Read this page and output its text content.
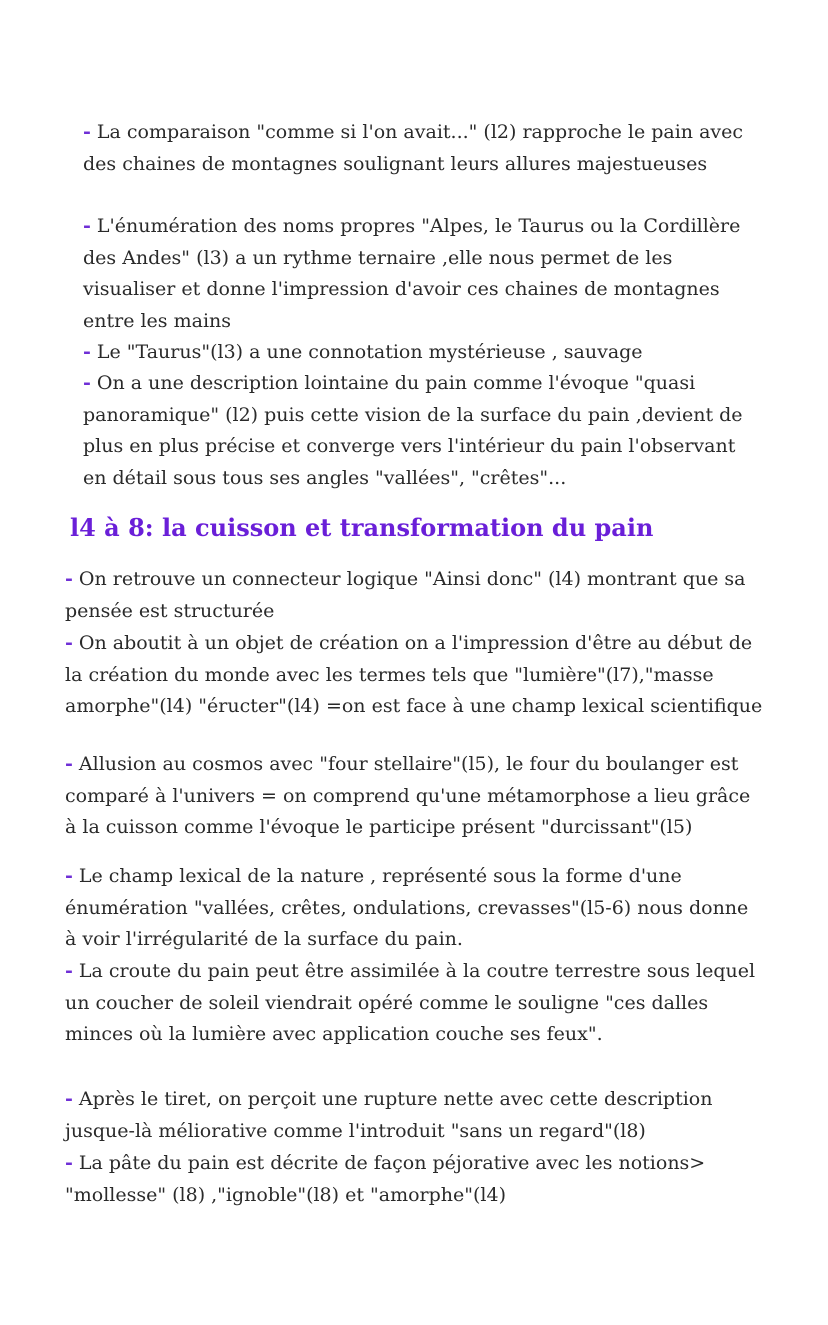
- La comparaison "comme si l'on avait..." (l2) rapproche le pain avec des chaines de montagnes soulignant leurs allures majestueuses

- L'énumération des noms propres "Alpes, le Taurus ou la Cordillère des Andes" (l3) a un rythme ternaire ,elle nous permet de les visualiser et donne l'impression d'avoir ces chaines de montagnes entre les mains

- Le "Taurus"(l3) a une connotation mystérieuse , sauvage

- On a une description lointaine du pain comme l'évoque "quasi panoramique" (l2) puis cette vision de la surface du pain ,devient de plus en plus précise et converge vers l'intérieur du pain l'observant en détail sous tous ses angles "vallées", "crêtes"...

l4 à 8: la cuisson et transformation du pain

- On retrouve un connecteur logique "Ainsi donc" (l4) montrant que sa pensée est structurée

- On aboutit à un objet de création on a l'impression d'être au début de la création du monde avec les termes tels que "lumière"(l7),"masse amorphe"(l4) "éructer"(l4) =on est face à une champ lexical scientifique

- Allusion au cosmos avec "four stellaire"(l5), le four du boulanger est comparé à l'univers = on comprend qu'une métamorphose a lieu grâce à la cuisson comme l'évoque le participe présent "durcissant"(l5)

- Le champ lexical de la nature , représenté sous la forme d'une énumération "vallées, crêtes, ondulations, crevasses"(l5-6) nous donne à voir l'irrégularité de la surface du pain.

- La croute du pain peut être assimilée à la coutre terrestre sous lequel un coucher de soleil viendrait opéré comme le souligne "ces dalles minces où la lumière avec application couche ses feux".

- Après le tiret, on perçoit une rupture nette avec cette description jusque-là méliorative comme l'introduit "sans un regard"(l8)

- La pâte du pain est décrite de façon péjorative avec les notions> "mollesse" (l8) ,"ignoble"(l8) et "amorphe"(l4)
